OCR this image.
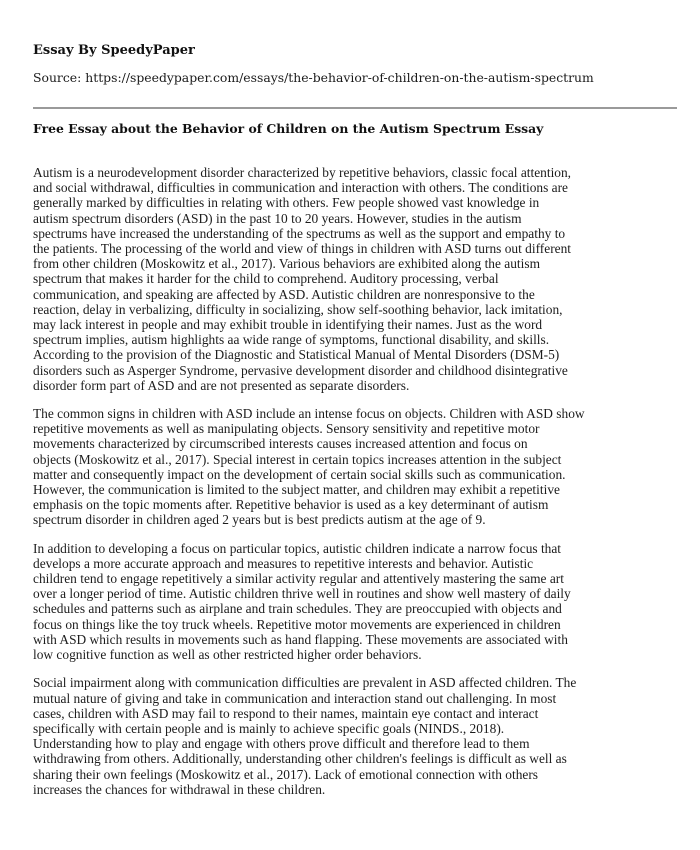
Essay By SpeedyPaper
Source: https://speedypaper.com/essays/the-behavior-of-children-on-the-autism-spectrum
Free Essay about the Behavior of Children on the Autism Spectrum Essay

Autism is a neurodevelopment disorder characterized by repetitive behaviors, classic focal attention,
and social withdrawal, difficulties in communication and interaction with others. The conditions are
generally marked by difficulties in relating with others. Few people showed vast knowledge in
autism spectrum disorders (ASD) in the past 10 to 20 years. However, studies in the autism
spectrums have increased the understanding of the spectrums as well as the support and empathy to
the patients. The processing of the world and view of things in children with ASD turns out different
from other children (Moskowitz et al., 2017). Various behaviors are exhibited along the autism
spectrum that makes it harder for the child to comprehend. Auditory processing, verbal
communication, and speaking are affected by ASD. Autistic children are nonresponsive to the
reaction, delay in verbalizing, difficulty in socializing, show self-soothing behavior, lack imitation,
may lack interest in people and may exhibit trouble in identifying their names. Just as the word
spectrum implies, autism highlights aa wide range of symptoms, functional disability, and skills.
According to the provision of the Diagnostic and Statistical Manual of Mental Disorders (DSM-5)
disorders such as Asperger Syndrome, pervasive development disorder and childhood disintegrative
disorder form part of ASD and are not presented as separate disorders.

The common signs in children with ASD include an intense focus on objects. Children with ASD show
repetitive movements as well as manipulating objects. Sensory sensitivity and repetitive motor
movements characterized by circumscribed interests causes increased attention and focus on
objects (Moskowitz et al., 2017). Special interest in certain topics increases attention in the subject
matter and consequently impact on the development of certain social skills such as communication.
However, the communication is limited to the subject matter, and children may exhibit a repetitive
emphasis on the topic moments after. Repetitive behavior is used as a key determinant of autism
spectrum disorder in children aged 2 years but is best predicts autism at the age of 9.

In addition to developing a focus on particular topics, autistic children indicate a narrow focus that
develops a more accurate approach and measures to repetitive interests and behavior. Autistic
children tend to engage repetitively a similar activity regular and attentively mastering the same art
over a longer period of time. Autistic children thrive well in routines and show well mastery of daily
schedules and patterns such as airplane and train schedules. They are preoccupied with objects and
focus on things like the toy truck wheels. Repetitive motor movements are experienced in children
with ASD which results in movements such as hand flapping. These movements are associated with
low cognitive function as well as other restricted higher order behaviors.

Social impairment along with communication difficulties are prevalent in ASD affected children. The
mutual nature of giving and take in communication and interaction stand out challenging. In most
cases, children with ASD may fail to respond to their names, maintain eye contact and interact
specifically with certain people and is mainly to achieve specific goals (NINDS., 2018).
Understanding how to play and engage with others prove difficult and therefore lead to them
withdrawing from others. Additionally, understanding other children's feelings is difficult as well as
sharing their own feelings (Moskowitz et al., 2017). Lack of emotional connection with others
increases the chances for withdrawal in these children.
